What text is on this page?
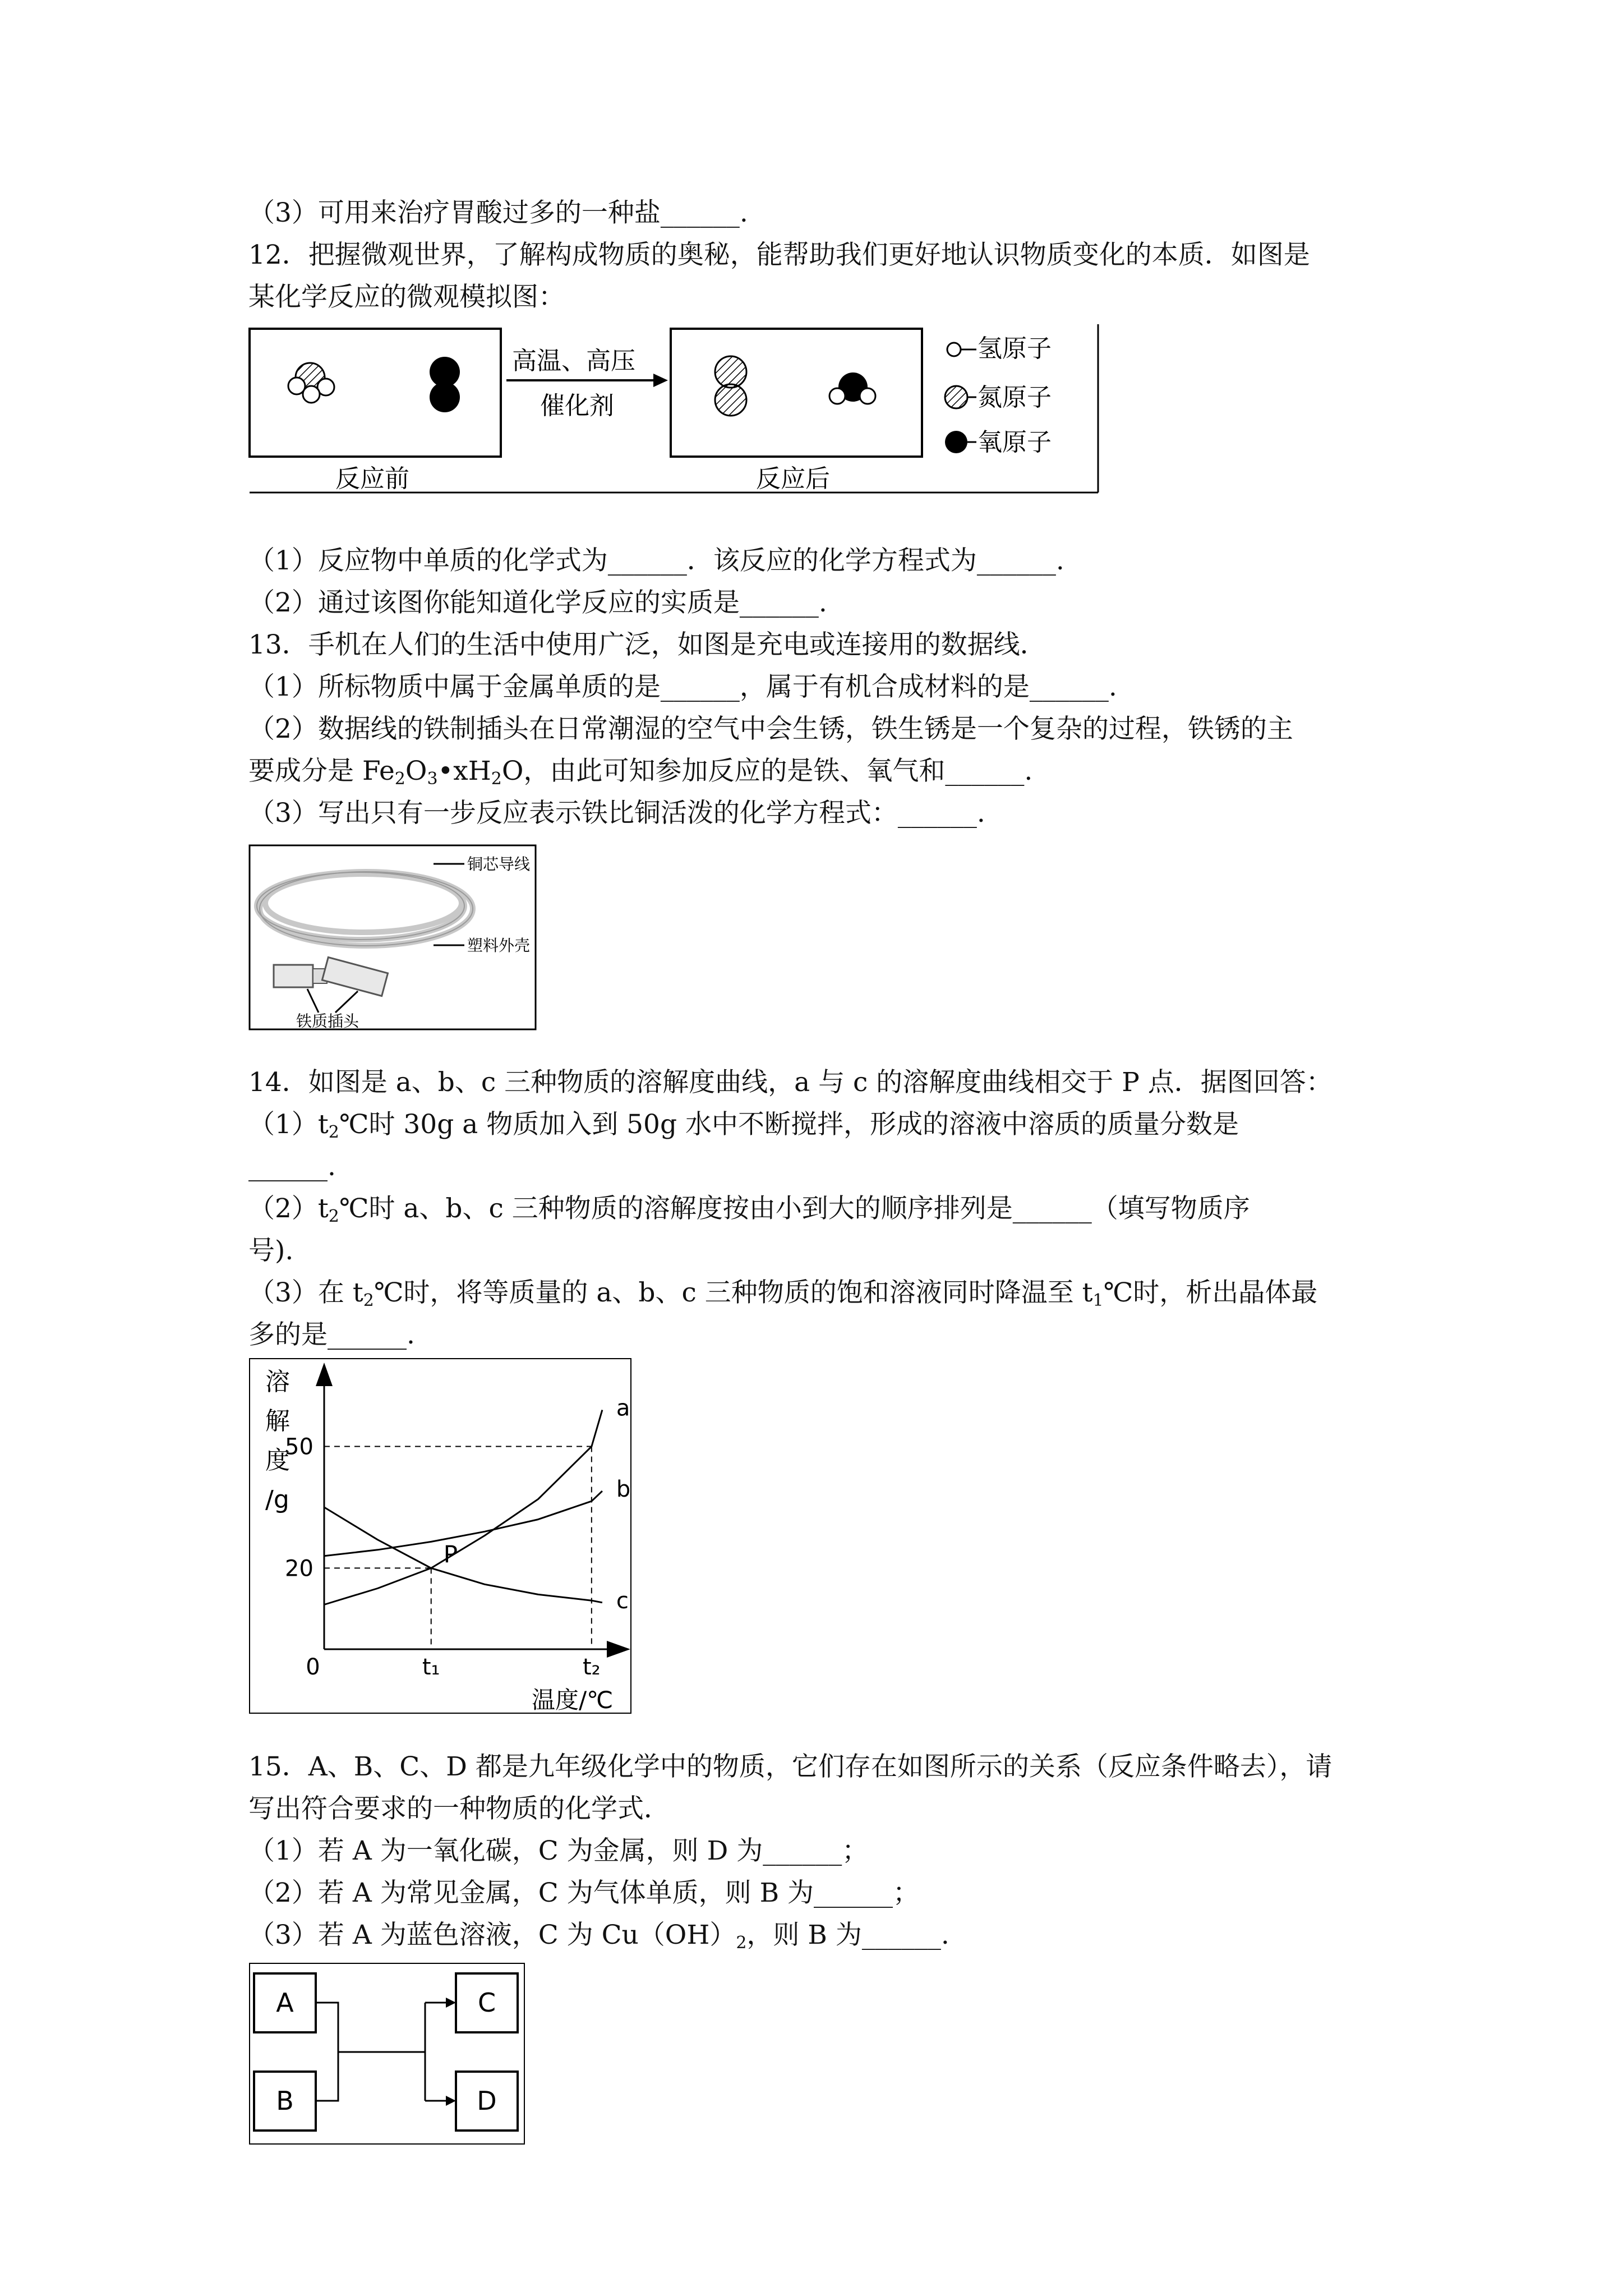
（3）可用来治疗胃酸过多的一种盐______.
12．把握微观世界，了解构成物质的奥秘，能帮助我们更好地认识物质变化的本质．如图是
某化学反应的微观模拟图：
高温、高压
催化剂
反应前	反应后
氢原子
氮原子
氧原子
（1）反应物中单质的化学式为______．该反应的化学方程式为______.
（2）通过该图你能知道化学反应的实质是______.
13．手机在人们的生活中使用广泛，如图是充电或连接用的数据线．
（1）所标物质中属于金属单质的是______，属于有机合成材料的是______.
（2）数据线的铁制插头在日常潮湿的空气中会生锈，铁生锈是一个复杂的过程，铁锈的主
要成分是 $Fe_2O_3•xH_2O$，由此可知参加反应的是铁、氧气和______.
（3）写出只有一步反应表示铁比铜活泼的化学方程式：______.
铜芯导线
塑料外壳
铁质插头
14．如图是 a、b、c 三种物质的溶解度曲线，a 与 c 的溶解度曲线相交于 P 点．据图回答：
$(1)t_2℃$时 30g a 物质加入到 50g 水中不断搅拌，形成的溶液中溶质的质量分数是
______.
$(2)t_2℃$时 a、b、c 三种物质的溶解度按由小到大的顺序排列是______（填写物质序
号).
（3）在 $t_2℃$时，将等质量的 a、b、c 三种物质的饱和溶液同时降温至 $t_1℃$时，析出晶体最
多的是______.
溶
解
度
/g
a
b
c
P
20
50
0	t₁	t₂
温度/℃
15．A、B、C、D 都是九年级化学中的物质，它们存在如图所示的关系（反应条件略去），请
写出符合要求的一种物质的化学式．
（1）若 A 为一氧化碳，C 为金属，则 D 为______；
（2）若 A 为常见金属，C 为气体单质，则 B 为______；
（3）若 A 为蓝色溶液，C 为 $Cu(OH)_2$，则 B 为______.
A
B
C
D
